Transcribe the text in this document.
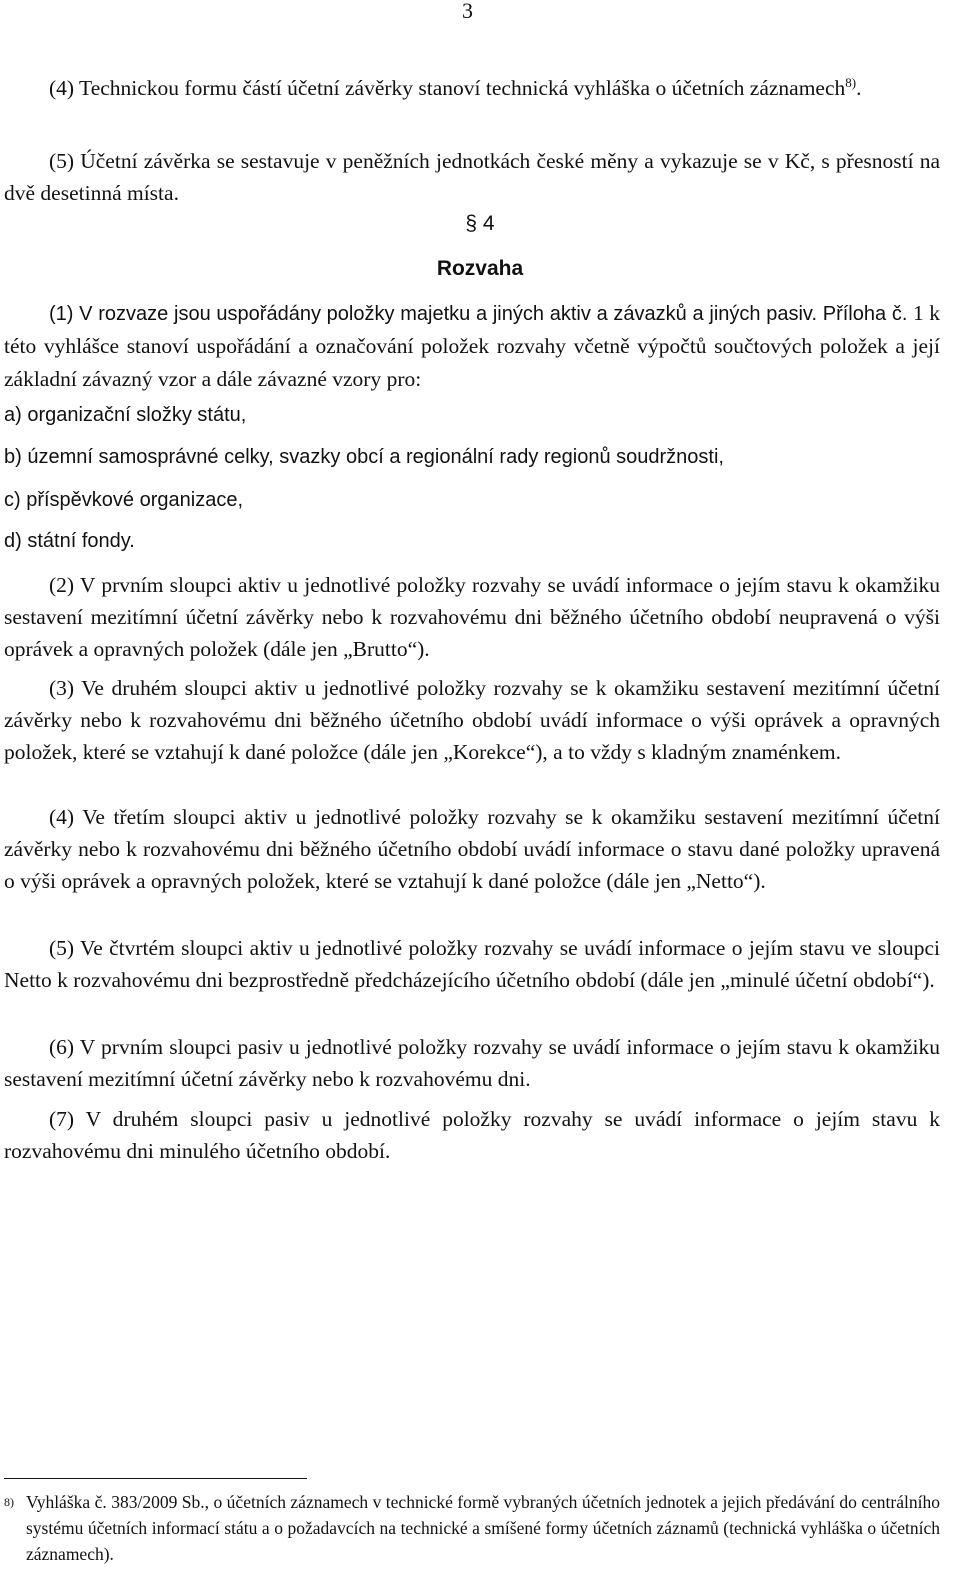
3
(4) Technickou formu částí účetní závěrky stanoví technická vyhláška o účetních záznamech$^{8)}$.
(5) Účetní závěrka se sestavuje v peněžních jednotkách české měny a vykazuje se v Kč, s přesností na dvě desetinná místa.
§ 4
Rozvaha
(1) V rozvaze jsou uspořádány položky majetku a jiných aktiv a závazků a jiných pasiv. Příloha č. 1 k této vyhlášce stanoví uspořádání a označování položek rozvahy včetně výpočtů součtových položek a její základní závazný vzor a dále závazné vzory pro:
a) organizační složky státu,
b) územní samosprávné celky, svazky obcí a regionální rady regionů soudržnosti,
c) příspěvkové organizace,
d) státní fondy.
(2) V prvním sloupci aktiv u jednotlivé položky rozvahy se uvádí informace o jejím stavu k okamžiku sestavení mezitímní účetní závěrky nebo k rozvahovému dni běžného účetního období neupravená o výši oprávek a opravných položek (dále jen „Brutto“).
(3) Ve druhém sloupci aktiv u jednotlivé položky rozvahy se k okamžiku sestavení mezitímní účetní závěrky nebo k rozvahovému dni běžného účetního období uvádí informace o výši oprávek a opravných položek, které se vztahují k dané položce (dále jen „Korekce“), a to vždy s kladným znaménkem.
(4) Ve třetím sloupci aktiv u jednotlivé položky rozvahy se k okamžiku sestavení mezitímní účetní závěrky nebo k rozvahovému dni běžného účetního období uvádí informace o stavu dané položky upravená o výši oprávek a opravných položek, které se vztahují k dané položce (dále jen „Netto“).
(5) Ve čtvrtém sloupci aktiv u jednotlivé položky rozvahy se uvádí informace o jejím stavu ve sloupci Netto k rozvahovému dni bezprostředně předcházejícího účetního období (dále jen „minulé účetní období“).
(6) V prvním sloupci pasiv u jednotlivé položky rozvahy se uvádí informace o jejím stavu k okamžiku sestavení mezitímní účetní závěrky nebo k rozvahovému dni.
(7) V druhém sloupci pasiv u jednotlivé položky rozvahy se uvádí informace o jejím stavu k rozvahovému dni minulého účetního období.
8) Vyhláška č. 383/2009 Sb., o účetních záznamech v technické formě vybraných účetních jednotek a jejich předávání do centrálního systému účetních informací státu a o požadavcích na technické a smíšené formy účetních záznamů (technická vyhláška o účetních záznamech).
